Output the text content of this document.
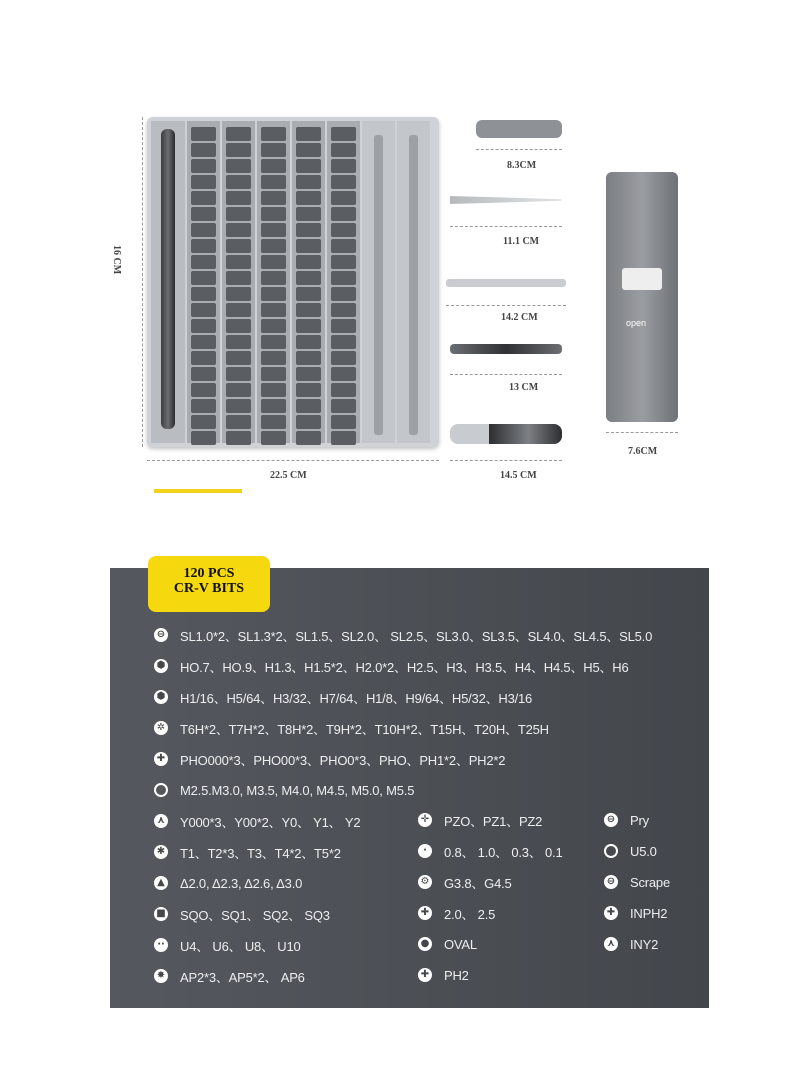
16 CM
22.5 CM
8.3CM
11.1 CM
14.2 CM
13 CM
14.5 CM
open
7.6CM
120 PCS
CR-V BITS
⊖ SL1.0*2、SL1.3*2、SL1.5、SL2.0、 SL2.5、SL3.0、SL3.5、SL4.0、SL4.5、SL5.0
⬢ HO.7、HO.9、H1.3、H1.5*2、H2.0*2、H2.5、H3、H3.5、H4、H4.5、H5、H6
⬢ H1/16、H5/64、H3/32、H7/64、H1/8、H9/64、H5/32、H3/16
✲ T6H*2、T7H*2、T8H*2、T9H*2、T10H*2、T15H、T20H、T25H
✚ PHO000*3、PHO00*3、PHO0*3、PHO、PH1*2、PH2*2
M2.5.M3.0, M3.5, M4.0, M4.5, M5.0, M5.5
⋏ Y000*3、Y00*2、Y0、 Y1、 Y2
✱ T1、T2*3、T3、T4*2、T5*2
▲ Δ2.0, Δ2.3, Δ2.6, Δ3.0
■ SQO、SQ1、 SQ2、 SQ3
·· U4、 U6、 U8、 U10
✸ AP2*3、AP5*2、 AP6
✛ PZO、PZ1、PZ2
·	0.8、 1.0、 0.3、 0.1
⚙ G3.8、G4.5
✚ 2.0、 2.5
● OVAL
✚ PH2
⊖ Pry
U5.0
⊖ Scrape
✚ INPH2
⋏ INY2
